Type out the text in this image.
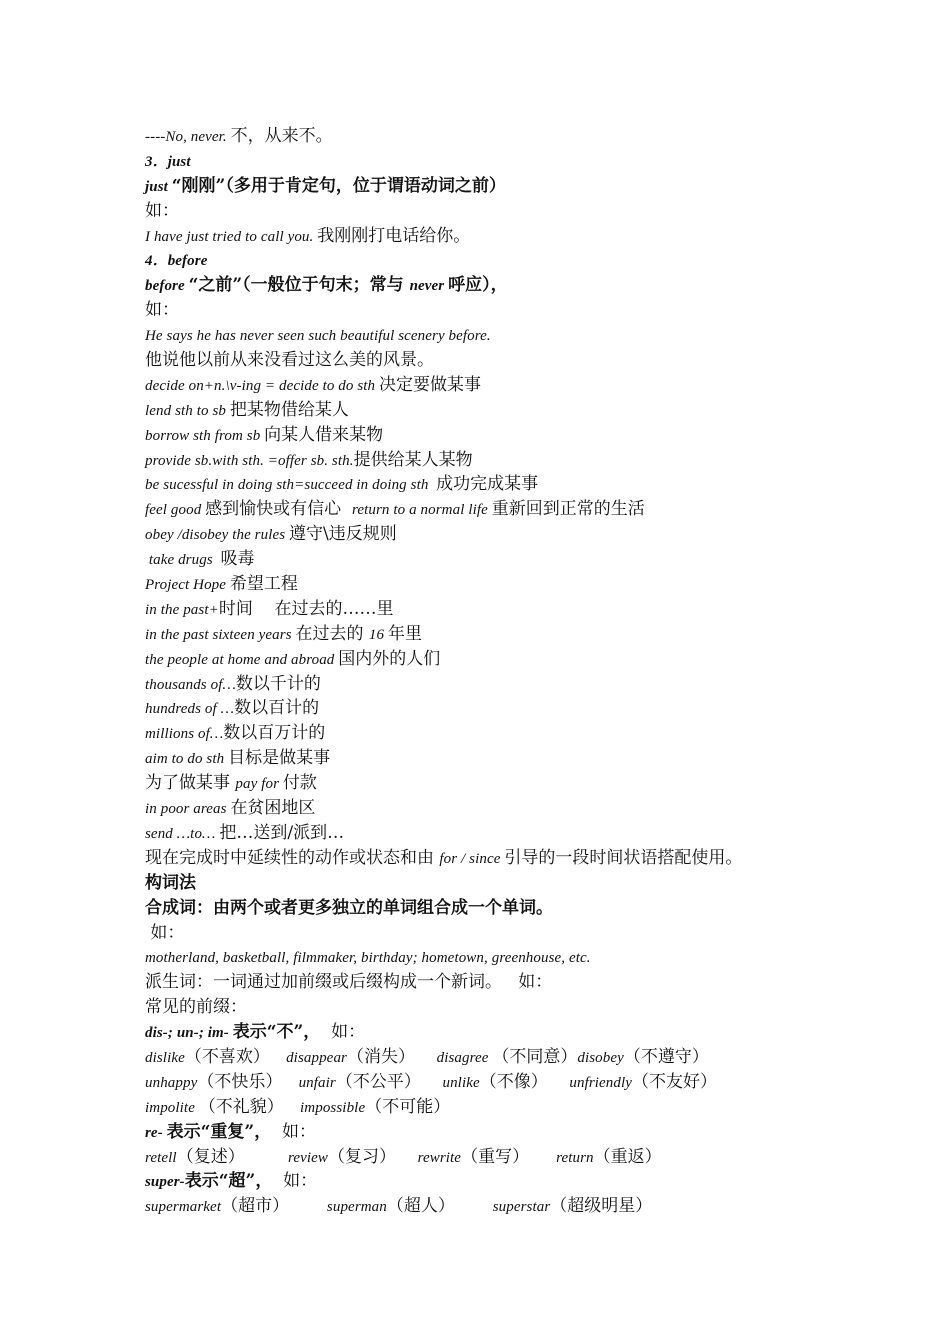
----No, never. 不，从来不。
3．just
just “刚刚”（多用于肯定句，位于谓语动词之前）
如：
I have just tried to call you. 我刚刚打电话给你。
4．before
before “之前”（一般位于句末；常与 never 呼应），
如：
He says he has never seen such beautiful scenery before.
他说他以前从来没看过这么美的风景。
decide on+n.\v-ing = decide to do sth 决定要做某事
lend sth to sb 把某物借给某人
borrow sth from sb 向某人借来某物
provide sb.with sth. =offer sb. sth.提供给某人某物
be sucessful in doing sth=succeed in doing sth  成功完成某事
feel good 感到愉快或有信心  return to a normal life 重新回到正常的生活
obey /disobey the rules 遵守\违反规则
take drugs  吸毒
Project Hope 希望工程
in the past+时间    在过去的……里
in the past sixteen years 在过去的 16 年里
the people at home and abroad 国内外的人们
thousands of…数以千计的
hundreds of …数以百计的
millions of…数以百万计的
aim to do sth 目标是做某事
为了做某事 pay for 付款
in poor areas 在贫困地区
send …to… 把…送到/派到…
现在完成时中延续性的动作或状态和由 for / since 引导的一段时间状语搭配使用。
构词法
合成词：由两个或者更多独立的单词组合成一个单词。
如：
motherland, basketball, filmmaker, birthday; hometown, greenhouse, etc.
派生词：一词通过加前缀或后缀构成一个新词。   如：
常见的前缀：
dis-; un-; im- 表示“不”，  如：
dislike（不喜欢）   disappear（消失）    disagree （不同意）disobey（不遵守）
unhappy（不快乐）   unfair（不公平）    unlike（不像）    unfriendly（不友好）
impolite （不礼貌）   impossible（不可能）
re- 表示“重复”，  如：
retell（复述）        review（复习）    rewrite（重写）     return（重返）
super-表示“超”，  如：
supermarket（超市）       superman（超人）       superstar（超级明星）
